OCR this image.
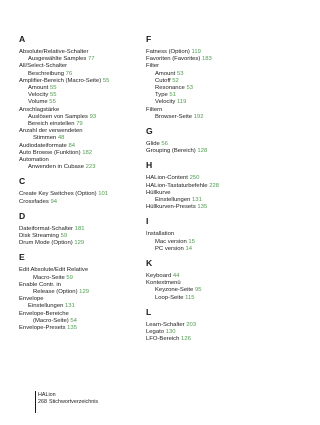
A
Absolute/Relative-Schalter
Ausgewählte Samples 77
All/Select-Schalter
Beschreibung 76
Amplifier-Bereich (Macro-Seite) 55
Amount 55
Velocity 55
Volume 55
Anschlagstärke
Auslösen von Samples 93
Bereich einstellen 79
Anzahl der verwendeten
Stimmen 48
Audiodateiformate 84
Auto Browse (Funktion) 182
Automation
Anwenden in Cubase 223
C
Create Key Switches (Option) 101
Crossfades 94
D
Dateiformat-Schalter 181
Disk Streaming 59
Drum Mode (Option) 129
E
Edit Absolute/Edit Relative
Macro-Seite 59
Enable Contr. in
Release (Option) 129
Envelope
Einstellungen 131
Envelope-Bereiche
(Macro-Seite) 54
Envelope-Presets 135
F
Fatness (Option) 119
Favoriten (Favorites) 183
Filter
Amount 53
Cutoff 52
Resonance 53
Type 51
Velocity 119
Filtern
Browser-Seite 192
G
Glide 56
Grouping (Bereich) 128
H
HALion-Content 250
HALion-Tastaturbefehle 228
Hüllkurve
Einstellungen 131
Hüllkurven-Presets 135
I
Installation
Mac version 15
PC version 14
K
Keyboard 44
Kontextmenü
Keyzone-Seite 95
Loop-Seite 115
L
Learn-Schalter 203
Legato 130
LFO-Bereich 126
HALion
268 Stichwortverzeichnis
